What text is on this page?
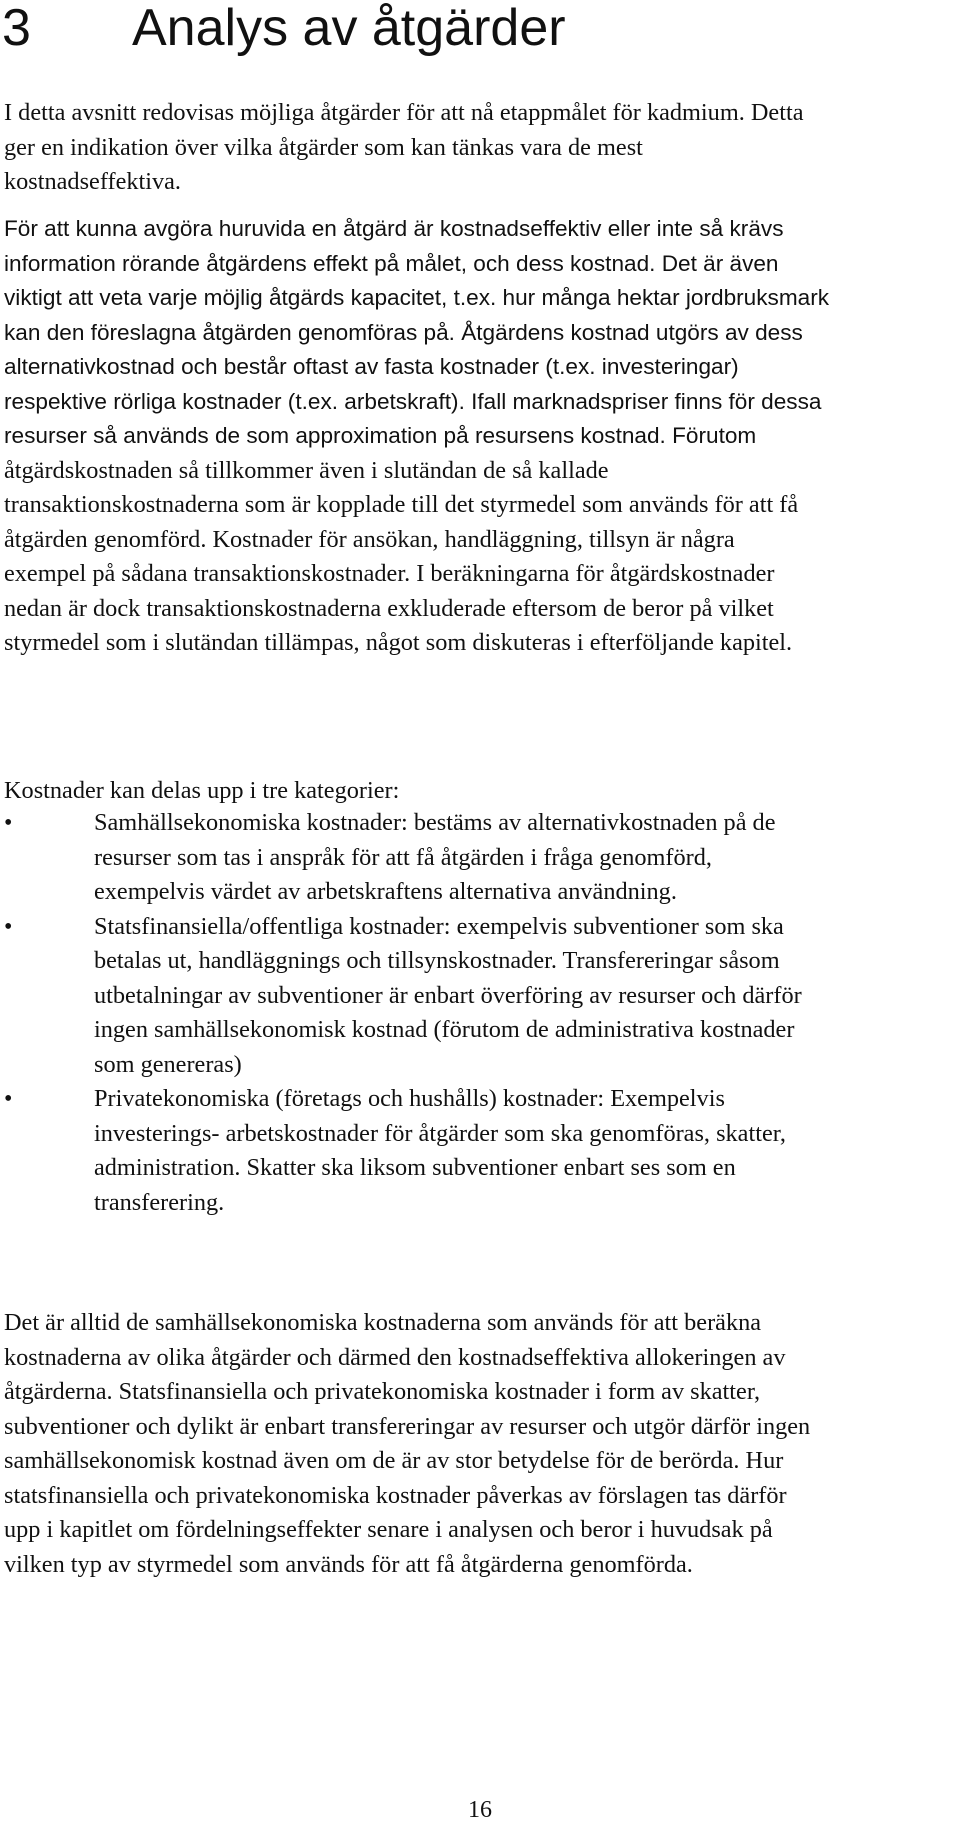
3 Analys av åtgärder
I detta avsnitt redovisas möjliga åtgärder för att nå etappmålet för kadmium. Detta
ger en indikation över vilka åtgärder som kan tänkas vara de mest
kostnadseffektiva.
För att kunna avgöra huruvida en åtgärd är kostnadseffektiv eller inte så krävs
information rörande åtgärdens effekt på målet, och dess kostnad. Det är även
viktigt att veta varje möjlig åtgärds kapacitet, t.ex. hur många hektar jordbruksmark
kan den föreslagna åtgärden genomföras på. Åtgärdens kostnad utgörs av dess
alternativkostnad och består oftast av fasta kostnader (t.ex. investeringar)
respektive rörliga kostnader (t.ex. arbetskraft). Ifall marknadspriser finns för dessa
resurser så används de som approximation på resursens kostnad. Förutom
åtgärdskostnaden så tillkommer även i slutändan de så kallade
transaktionskostnaderna som är kopplade till det styrmedel som används för att få
åtgärden genomförd. Kostnader för ansökan, handläggning, tillsyn är några
exempel på sådana transaktionskostnader. I beräkningarna för åtgärdskostnader
nedan är dock transaktionskostnaderna exkluderade eftersom de beror på vilket
styrmedel som i slutändan tillämpas, något som diskuteras i efterföljande kapitel.
Kostnader kan delas upp i tre kategorier:
•	Samhällsekonomiska kostnader: bestäms av alternativkostnaden på de
resurser som tas i anspråk för att få åtgärden i fråga genomförd,
exempelvis värdet av arbetskraftens alternativa användning.
•	Statsfinansiella/offentliga kostnader: exempelvis subventioner som ska
betalas ut, handläggnings och tillsynskostnader. Transfereringar såsom
utbetalningar av subventioner är enbart överföring av resurser och därför
ingen samhällsekonomisk kostnad (förutom de administrativa kostnader
som genereras)
•	Privatekonomiska (företags och hushålls) kostnader: Exempelvis
investerings- arbetskostnader för åtgärder som ska genomföras, skatter,
administration. Skatter ska liksom subventioner enbart ses som en
transferering.
Det är alltid de samhällsekonomiska kostnaderna som används för att beräkna
kostnaderna av olika åtgärder och därmed den kostnadseffektiva allokeringen av
åtgärderna. Statsfinansiella och privatekonomiska kostnader i form av skatter,
subventioner och dylikt är enbart transfereringar av resurser och utgör därför ingen
samhällsekonomisk kostnad även om de är av stor betydelse för de berörda. Hur
statsfinansiella och privatekonomiska kostnader påverkas av förslagen tas därför
upp i kapitlet om fördelningseffekter senare i analysen och beror i huvudsak på
vilken typ av styrmedel som används för att få åtgärderna genomförda.
16
